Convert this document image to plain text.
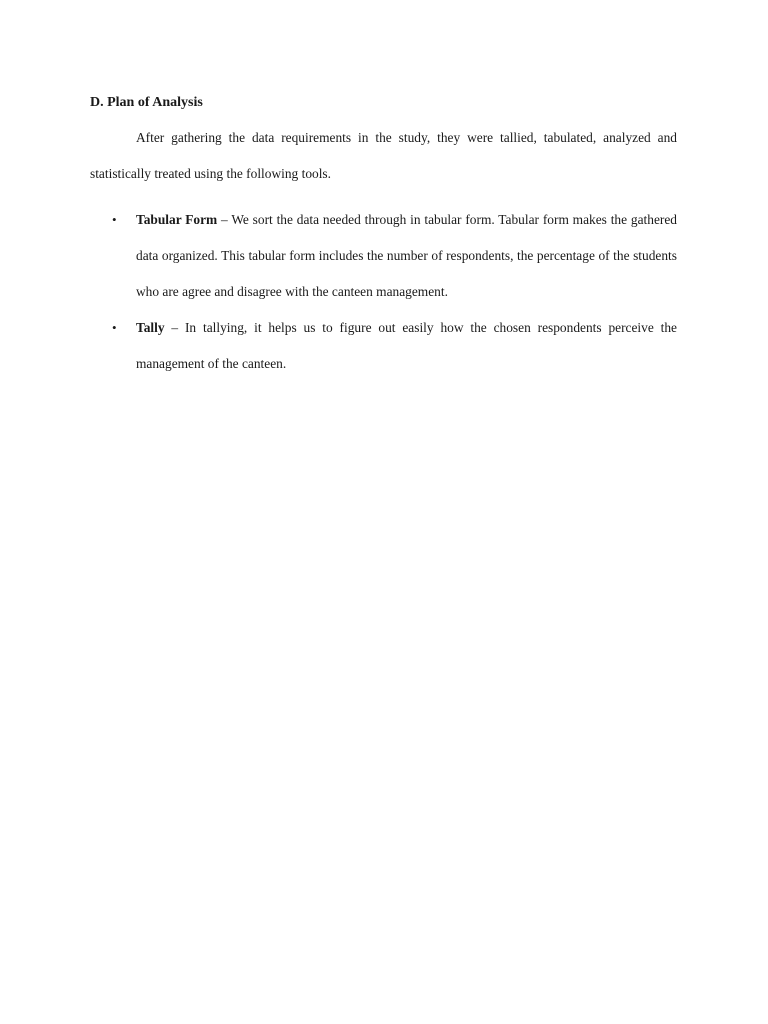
D. Plan of Analysis

After gathering the data requirements in the study, they were tallied, tabulated, analyzed and statistically treated using the following tools.

• Tabular Form – We sort the data needed through in tabular form. Tabular form makes the gathered data organized. This tabular form includes the number of respondents, the percentage of the students who are agree and disagree with the canteen management.
• Tally – In tallying, it helps us to figure out easily how the chosen respondents perceive the management of the canteen.
